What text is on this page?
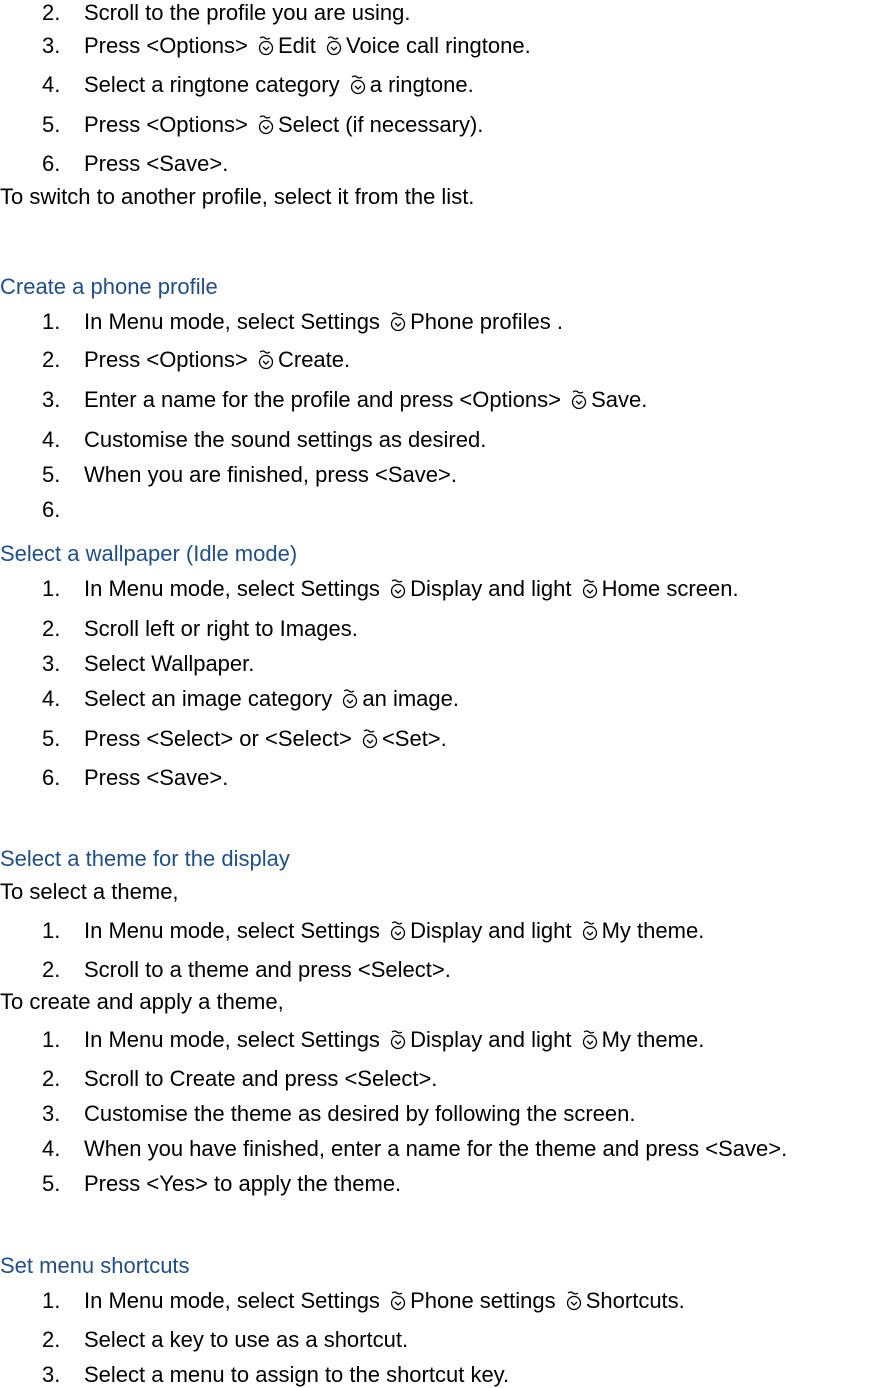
2. Scroll to the profile you are using.
3. Press <Options>
Edit
Voice call ringtone.
4. Select a ringtone category
a ringtone.
5. Press <Options>
Select (if necessary).
6. Press <Save>.
To switch to another profile, select it from the list.
Create a phone profile
1. In Menu mode, select Settings
Phone profiles .
2. Press <Options>
Create.
3. Enter a name for the profile and press <Options>
Save.
4. Customise the sound settings as desired.
5. When you are finished, press <Save>.
6.
Select a wallpaper (Idle mode)
1. In Menu mode, select Settings
Display and light
Home screen.
2. Scroll left or right to Images.
3. Select Wallpaper.
4. Select an image category
an image.
5. Press <Select> or <Select>
<Set>.
6. Press <Save>.
Select a theme for the display
To select a theme,
1. In Menu mode, select Settings
Display and light
My theme.
2. Scroll to a theme and press <Select>.
To create and apply a theme,
1. In Menu mode, select Settings
Display and light
My theme.
2. Scroll to Create and press <Select>.
3. Customise the theme as desired by following the screen.
4. When you have finished, enter a name for the theme and press <Save>.
5. Press <Yes> to apply the theme.
Set menu shortcuts
1. In Menu mode, select Settings
Phone settings
Shortcuts.
2. Select a key to use as a shortcut.
3. Select a menu to assign to the shortcut key.
